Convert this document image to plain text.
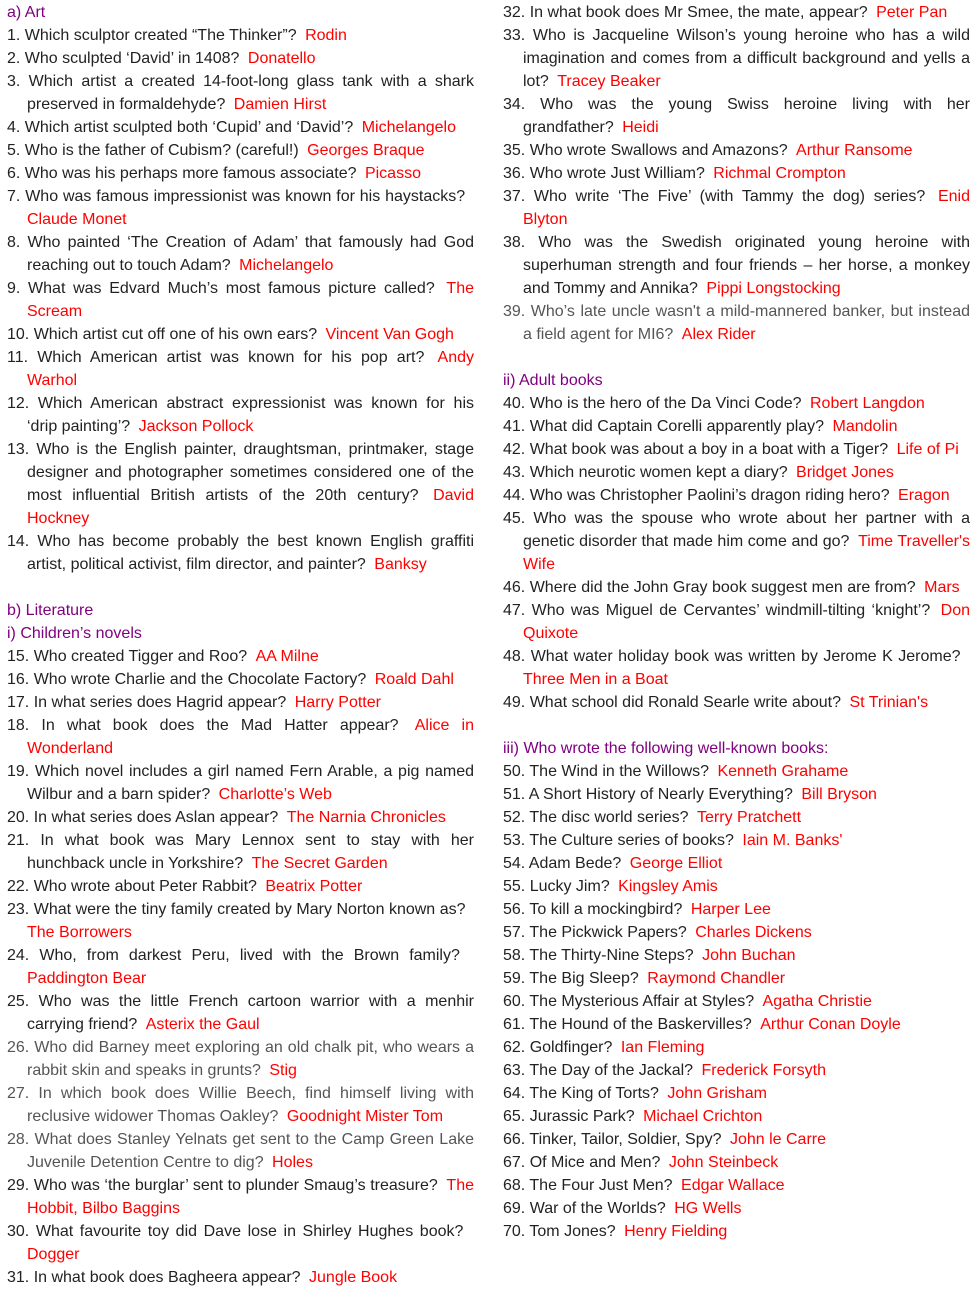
a) Art
1. Which sculptor created “The Thinker”? Rodin
2. Who sculpted ‘David’ in 1408? Donatello
3. Which artist a created 14-foot-long glass tank with a shark preserved in formaldehyde? Damien Hirst
4. Which artist sculpted both ‘Cupid’ and ‘David’? Michelangelo
5. Who is the father of Cubism? (careful!) Georges Braque
6. Who was his perhaps more famous associate? Picasso
7. Who was famous impressionist was known for his haystacks? Claude Monet
8. Who painted ‘The Creation of Adam’ that famously had God reaching out to touch Adam? Michelangelo
9. What was Edvard Much’s most famous picture called? The Scream
10. Which artist cut off one of his own ears? Vincent Van Gogh
11. Which American artist was known for his pop art? Andy Warhol
12. Which American abstract expressionist was known for his ‘drip painting’? Jackson Pollock
13. Who is the English painter, draughtsman, printmaker, stage designer and photographer sometimes considered one of the most influential British artists of the 20th century? David Hockney
14. Who has become probably the best known English graffiti artist, political activist, film director, and painter? Banksy
b) Literature
i) Children’s novels
15. Who created Tigger and Roo? AA Milne
16. Who wrote Charlie and the Chocolate Factory? Roald Dahl
17. In what series does Hagrid appear? Harry Potter
18. In what book does the Mad Hatter appear? Alice in Wonderland
19. Which novel includes a girl named Fern Arable, a pig named Wilbur and a barn spider? Charlotte’s Web
20. In what series does Aslan appear? The Narnia Chronicles
21. In what book was Mary Lennox sent to stay with her hunchback uncle in Yorkshire? The Secret Garden
22. Who wrote about Peter Rabbit? Beatrix Potter
23. What were the tiny family created by Mary Norton known as? The Borrowers
24. Who, from darkest Peru, lived with the Brown family? Paddington Bear
25. Who was the little French cartoon warrior with a menhir carrying friend? Asterix the Gaul
26. Who did Barney meet exploring an old chalk pit, who wears a rabbit skin and speaks in grunts? Stig
27. In which book does Willie Beech, find himself living with reclusive widower Thomas Oakley? Goodnight Mister Tom
28. What does Stanley Yelnats get sent to the Camp Green Lake Juvenile Detention Centre to dig? Holes
29. Who was ‘the burglar’ sent to plunder Smaug’s treasure? The Hobbit, Bilbo Baggins
30. What favourite toy did Dave lose in Shirley Hughes book? Dogger
31. In what book does Bagheera appear? Jungle Book
32. In what book does Mr Smee, the mate, appear? Peter Pan
33. Who is Jacqueline Wilson’s young heroine who has a wild imagination and comes from a difficult background and yells a lot? Tracey Beaker
34. Who was the young Swiss heroine living with her grandfather? Heidi
35. Who wrote Swallows and Amazons? Arthur Ransome
36. Who wrote Just William? Richmal Crompton
37. Who write ‘The Five’ (with Tammy the dog) series? Enid Blyton
38. Who was the Swedish originated young heroine with superhuman strength and four friends – her horse, a monkey and Tommy and Annika? Pippi Longstocking
39. Who’s late uncle wasn't a mild-mannered banker, but instead a field agent for MI6? Alex Rider
ii) Adult books
40. Who is the hero of the Da Vinci Code? Robert Langdon
41. What did Captain Corelli apparently play? Mandolin
42. What book was about a boy in a boat with a Tiger? Life of Pi
43. Which neurotic women kept a diary? Bridget Jones
44. Who was Christopher Paolini’s dragon riding hero? Eragon
45. Who was the spouse who wrote about her partner with a genetic disorder that made him come and go? Time Traveller's Wife
46. Where did the John Gray book suggest men are from? Mars
47. Who was Miguel de Cervantes’ windmill-tilting ‘knight’? Don Quixote
48. What water holiday book was written by Jerome K Jerome? Three Men in a Boat
49. What school did Ronald Searle write about? St Trinian's
iii) Who wrote the following well-known books:
50. The Wind in the Willows? Kenneth Grahame
51. A Short History of Nearly Everything? Bill Bryson
52. The disc world series? Terry Pratchett
53. The Culture series of books? Iain M. Banks'
54. Adam Bede? George Elliot
55. Lucky Jim? Kingsley Amis
56. To kill a mockingbird? Harper Lee
57. The Pickwick Papers? Charles Dickens
58. The Thirty-Nine Steps? John Buchan
59. The Big Sleep? Raymond Chandler
60. The Mysterious Affair at Styles? Agatha Christie
61. The Hound of the Baskervilles? Arthur Conan Doyle
62. Goldfinger? Ian Fleming
63. The Day of the Jackal? Frederick Forsyth
64. The King of Torts? John Grisham
65. Jurassic Park? Michael Crichton
66. Tinker, Tailor, Soldier, Spy? John le Carre
67. Of Mice and Men? John Steinbeck
68. The Four Just Men? Edgar Wallace
69. War of the Worlds? HG Wells
70. Tom Jones? Henry Fielding
